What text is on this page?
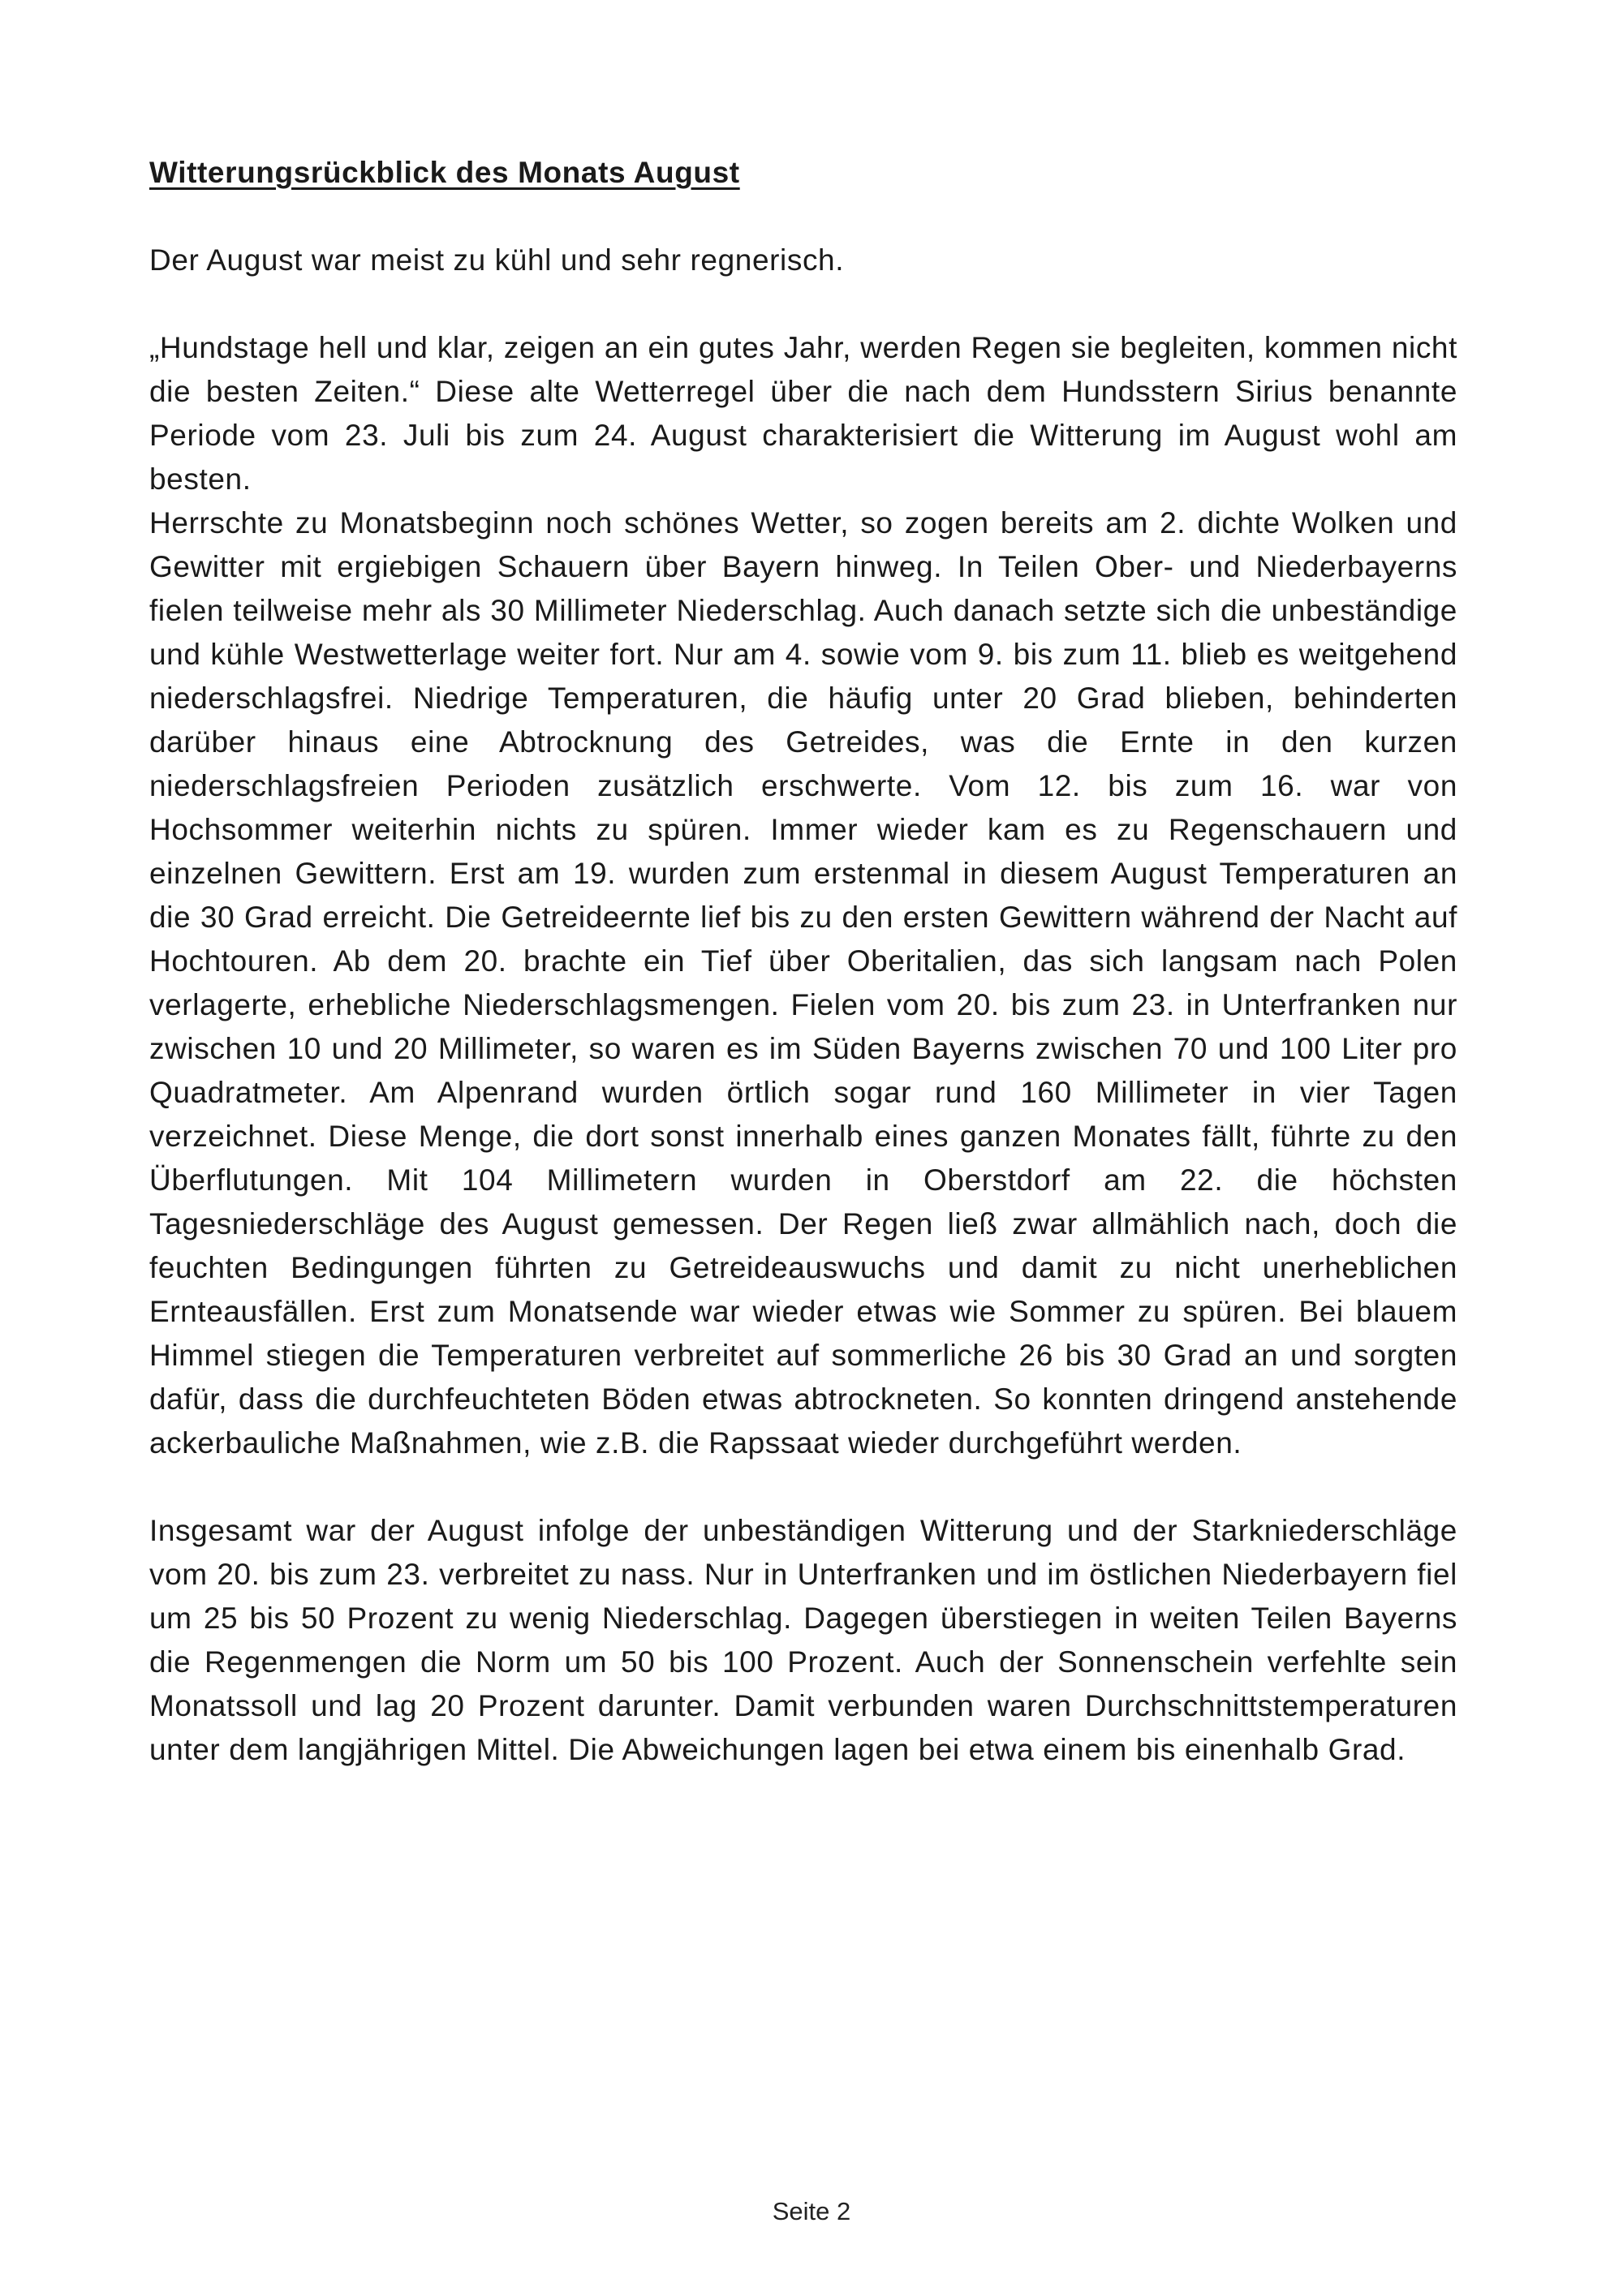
Witterungsrückblick des Monats August

Der August war meist zu kühl und sehr regnerisch.

„Hundstage hell und klar, zeigen an ein gutes Jahr, werden Regen sie begleiten, kommen nicht die besten Zeiten.“ Diese alte Wetterregel über die nach dem Hundsstern Sirius benannte Periode vom 23. Juli bis zum 24. August charakterisiert die Witterung im August wohl am besten.

Herrschte zu Monatsbeginn noch schönes Wetter, so zogen bereits am 2. dichte Wolken und Gewitter mit ergiebigen Schauern über Bayern hinweg. In Teilen Ober- und Niederbayerns fielen teilweise mehr als 30 Millimeter Niederschlag. Auch danach setzte sich die unbeständige und kühle Westwetterlage weiter fort. Nur am 4. sowie vom 9. bis zum 11. blieb es weitgehend niederschlagsfrei. Niedrige Temperaturen, die häufig unter 20 Grad blieben, behinderten darüber hinaus eine Abtrocknung des Getreides, was die Ernte in den kurzen niederschlagsfreien Perioden zusätzlich erschwerte. Vom 12. bis zum 16. war von Hochsommer weiterhin nichts zu spüren. Immer wieder kam es zu Regenschauern und einzelnen Gewittern. Erst am 19. wurden zum erstenmal in diesem August Temperaturen an die 30 Grad erreicht. Die Getreideernte lief bis zu den ersten Gewittern während der Nacht auf Hochtouren. Ab dem 20. brachte ein Tief über Oberitalien, das sich langsam nach Polen verlagerte, erhebliche Niederschlagsmengen. Fielen vom 20. bis zum 23. in Unterfranken nur zwischen 10 und 20 Millimeter, so waren es im Süden Bayerns zwischen 70 und 100 Liter pro Quadratmeter. Am Alpenrand wurden örtlich sogar rund 160 Millimeter in vier Tagen verzeichnet. Diese Menge, die dort sonst innerhalb eines ganzen Monates fällt, führte zu den Überflutungen. Mit 104 Millimetern wurden in Oberstdorf am 22. die höchsten Tagesniederschläge des August gemessen. Der Regen ließ zwar allmählich nach, doch die feuchten Bedingungen führten zu Getreideauswuchs und damit zu nicht unerheblichen Ernteausfällen. Erst zum Monatsende war wieder etwas wie Sommer zu spüren. Bei blauem Himmel stiegen die Temperaturen verbreitet auf sommerliche 26 bis 30 Grad an und sorgten dafür, dass die durchfeuchteten Böden etwas abtrockneten. So konnten dringend anstehende ackerbauliche Maßnahmen, wie z.B. die Rapssaat wieder durchgeführt werden.

Insgesamt war der August infolge der unbeständigen Witterung und der Starkniederschläge vom 20. bis zum 23. verbreitet zu nass. Nur in Unterfranken und im östlichen Niederbayern fiel um 25 bis 50 Prozent zu wenig Niederschlag. Dagegen überstiegen in weiten Teilen Bayerns die Regenmengen die Norm um 50 bis 100 Prozent. Auch der Sonnenschein verfehlte sein Monatssoll und lag 20 Prozent darunter. Damit verbunden waren Durchschnittstemperaturen unter dem langjährigen Mittel. Die Abweichungen lagen bei etwa einem bis einenhalb Grad.

Seite 2
